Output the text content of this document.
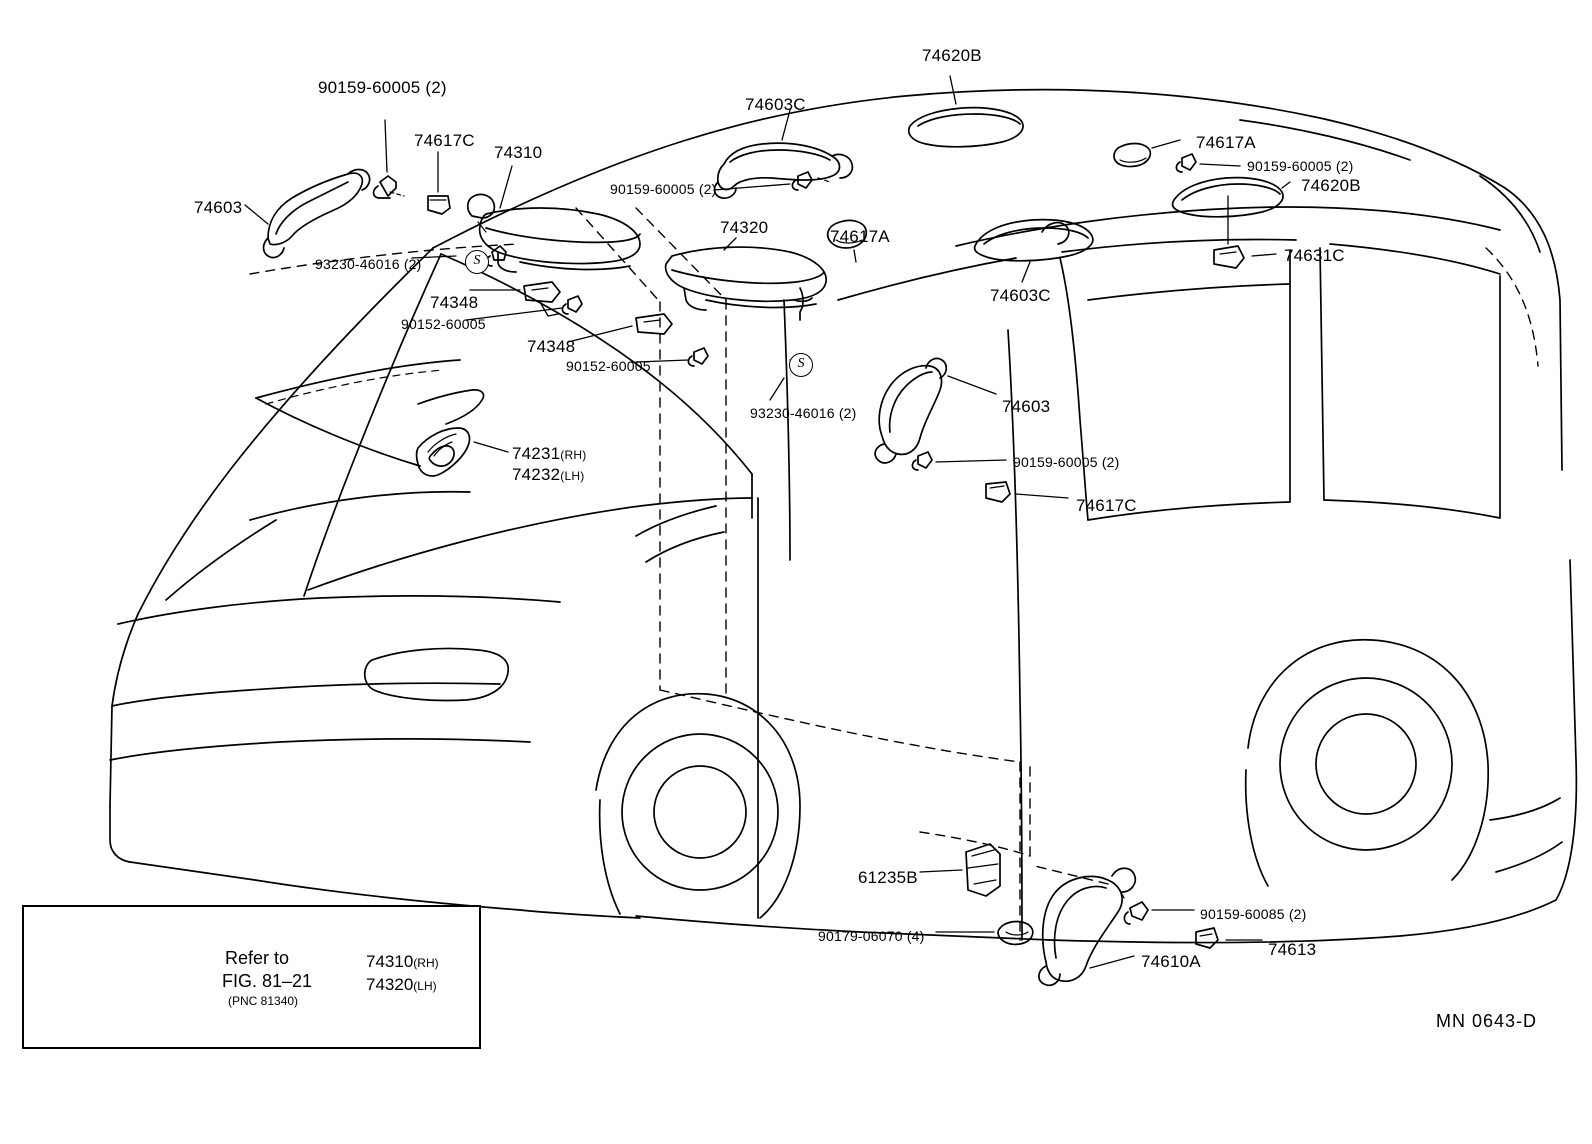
90159-60005 (2)
74620B
74603C
74617C
74310
74617A
90159-60005 (2)
90159-60005 (2)	74620B
74603
74320	74617A
74631C
93230-46016 (2)
74603C
74348
90152-60005
74348
90152-60005
74603
93230-46016 (2)
90159-60005 (2)
74617C
61235B
90159-60085 (2)
90179-06070 (4)
74613
74610A
74231(RH)
74232(LH)
S
S
Refer to
FIG. 81–21
(PNC 81340)
74310(RH)
74320(LH)
MN 0643-D
